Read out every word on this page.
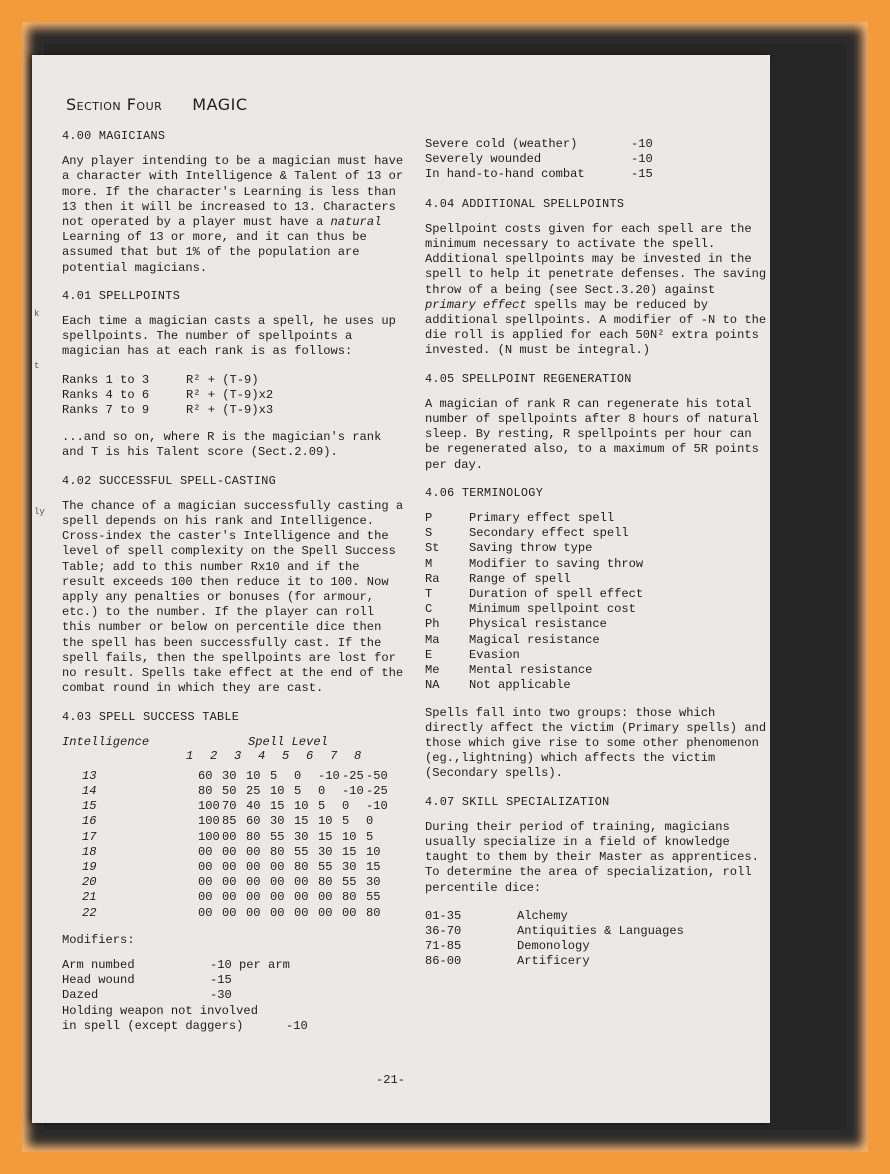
k
t
ly
Section Four MAGIC
4.00 MAGICIANS

Any player intending to be a magician must have a character with Intelligence & Talent of 13 or more. If the character's Learning is less than 13 then it will be increased to 13. Characters not operated by a player must have a natural Learning of 13 or more, and it can thus be assumed that but 1% of the population are potential magicians.

4.01 SPELLPOINTS

Each time a magician casts a spell, he uses up spellpoints. The number of spellpoints a magician has at each rank is as follows:

Ranks 1 to 3	R² + (T-9)
Ranks 4 to 6	R² + (T-9)x2
Ranks 7 to 9	R² + (T-9)x3

...and so on, where R is the magician's rank and T is his Talent score (Sect.2.09).

4.02 SUCCESSFUL SPELL-CASTING

The chance of a magician successfully casting a spell depends on his rank and Intelligence. Cross-index the caster's Intelligence and the level of spell complexity on the Spell Success Table; add to this number Rx10 and if the result exceeds 100 then reduce it to 100. Now apply any penalties or bonuses (for armour, etc.) to the number. If the player can roll this number or below on percentile dice then the spell has been successfully cast. If the spell fails, then the spellpoints are lost for no result. Spells take effect at the end of the combat round in which they are cast.

4.03 SPELL SUCCESS TABLE
Intelligence	Spell Level
1 2 3 4 5 6 7 8
13	60	30	10	5	0	-10	-25	-50
14	80	50	25	10	5	0	-10	-25
15	100	70	40	15	10	5	0	-10
16	100	85	60	30	15	10	5	0
17	100	00	80	55	30	15	10	5
18	00	00	00	80	55	30	15	10
19	00	00	00	00	80	55	30	15
20	00	00	00	00	00	80	55	30
21	00	00	00	00	00	00	80	55
22	00	00	00	00	00	00	00	80
Modifiers:
Arm numbed	-10 per arm
Head wound	-15
Dazed	-30
Holding weapon not involved
in spell (except daggers)	-10
Severe cold (weather)	-10
Severely wounded	-10
In hand-to-hand combat	-15
4.04 ADDITIONAL SPELLPOINTS

Spellpoint costs given for each spell are the minimum necessary to activate the spell. Additional spellpoints may be invested in the spell to help it penetrate defenses. The saving throw of a being (see Sect.3.20) against primary effect spells may be reduced by additional spellpoints. A modifier of -N to the die roll is applied for each 50N² extra points invested. (N must be integral.)

4.05 SPELLPOINT REGENERATION

A magician of rank R can regenerate his total number of spellpoints after 8 hours of natural sleep. By resting, R spellpoints per hour can be regenerated also, to a maximum of 5R points per day.

4.06 TERMINOLOGY
P	Primary effect spell
S	Secondary effect spell
St	Saving throw type
M	Modifier to saving throw
Ra	Range of spell
T	Duration of spell effect
C	Minimum spellpoint cost
Ph	Physical resistance
Ma	Magical resistance
E	Evasion
Me	Mental resistance
NA	Not applicable

Spells fall into two groups: those which directly affect the victim (Primary spells) and those which give rise to some other phenomenon (eg.,lightning) which affects the victim (Secondary spells).

4.07 SKILL SPECIALIZATION

During their period of training, magicians usually specialize in a field of knowledge taught to them by their Master as apprentices. To determine the area of specialization, roll percentile dice:

01-35	Alchemy
36-70	Antiquities & Languages
71-85	Demonology
86-00	Artificery
-21-
